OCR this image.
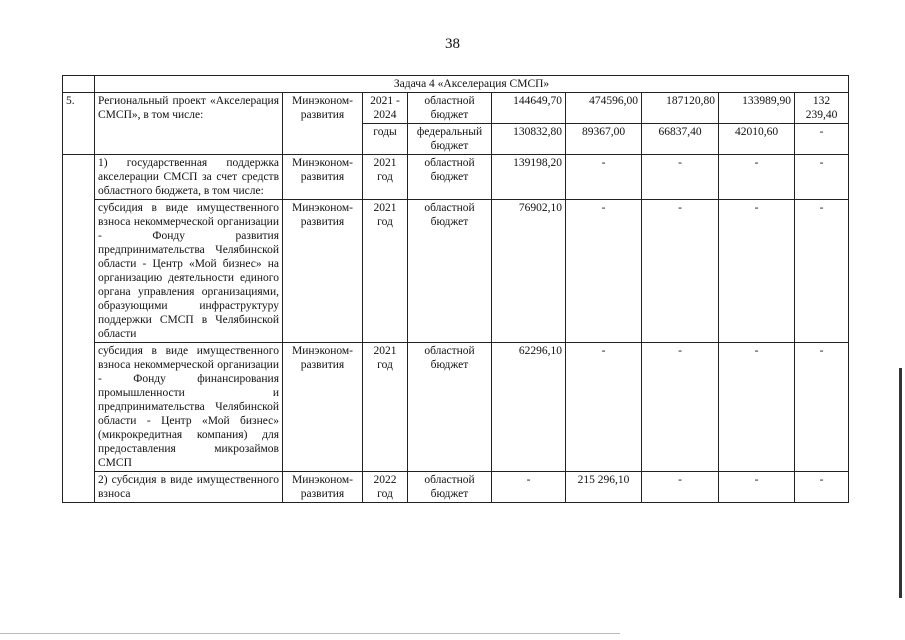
38
	Задача 4 «Акселерация СМСП»								
5.	Региональный проект «Акселерация СМСП», в том числе:	Минэконом-развития	2021 - 2024	областной бюджет	144649,70	474596,00	187120,80	133989,90	132 239,40
			годы	федеральный бюджет	130832,80	89367,00	66837,40	42010,60	-
	1) государственная поддержка акселерации СМСП за счет средств областного бюджета, в том числе:	Минэконом-развития	2021 год	областной бюджет	139198,20	-	-	-	-
	субсидия в виде имущественного взноса некоммерческой организации - Фонду развития предпринимательства Челябинской области - Центр «Мой бизнес» на организацию деятельности единого органа управления организациями, образующими инфраструктуру поддержки СМСП в Челябинской области	Минэконом-развития	2021 год	областной бюджет	76902,10	-	-	-	-
	субсидия в виде имущественного взноса некоммерческой организации - Фонду финансирования промышленности и предпринимательства Челябинской области - Центр «Мой бизнес» (микрокредитная компания) для предоставления микрозаймов СМСП	Минэконом-развития	2021 год	областной бюджет	62296,10	-	-	-	-
	2) субсидия в виде имущественного взноса	Минэконом-развития	2022 год	областной бюджет	-	215 296,10	-	-	-
